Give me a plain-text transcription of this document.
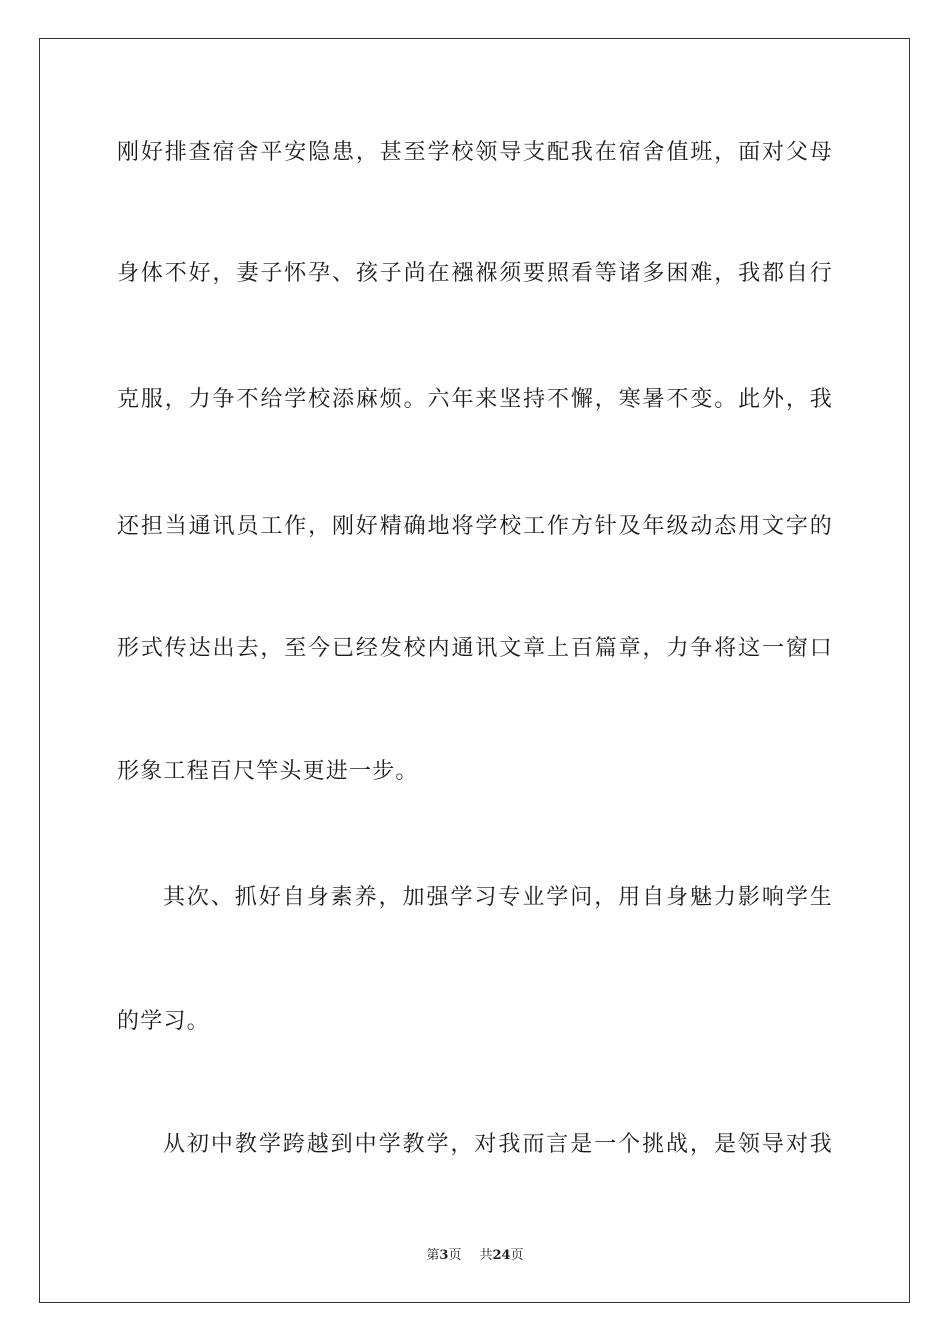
刚好排查宿舍平安隐患，甚至学校领导支配我在宿舍值班，面对父母
身体不好，妻子怀孕、孩子尚在襁褓须要照看等诸多困难，我都自行
克服，力争不给学校添麻烦。六年来坚持不懈，寒暑不变。此外，我
还担当通讯员工作，刚好精确地将学校工作方针及年级动态用文字的
形式传达出去，至今已经发校内通讯文章上百篇章，力争将这一窗口
形象工程百尺竿头更进一步。
其次、抓好自身素养，加强学习专业学问，用自身魅力影响学生
的学习。
从初中教学跨越到中学教学，对我而言是一个挑战，是领导对我
第3页 共24页
